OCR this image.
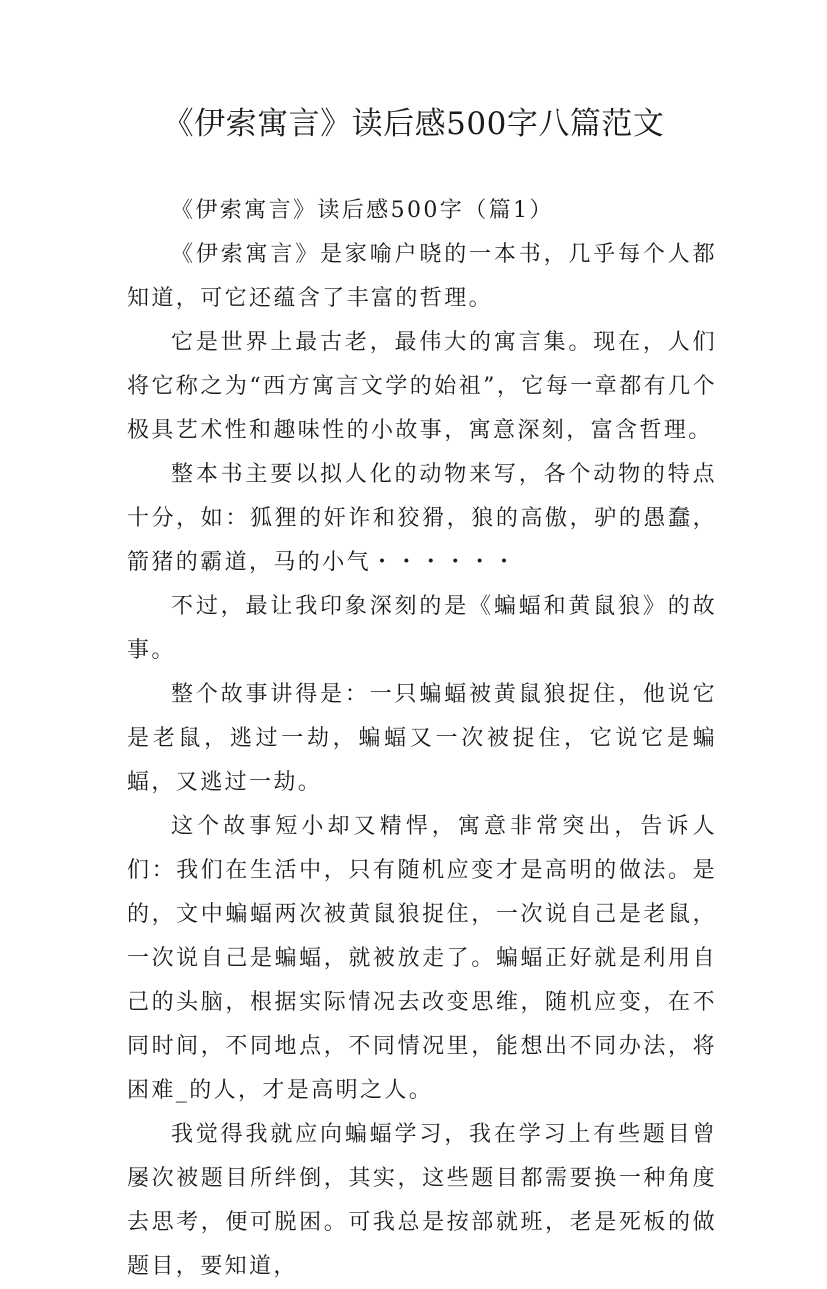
《伊索寓言》读后感500字八篇范文

《伊索寓言》读后感500字（篇1）

《伊索寓言》是家喻户晓的一本书，几乎每个人都知道，可它还蕴含了丰富的哲理。

它是世界上最古老，最伟大的寓言集。现在，人们将它称之为“西方寓言文学的始祖”，它每一章都有几个极具艺术性和趣味性的小故事，寓意深刻，富含哲理。

整本书主要以拟人化的动物来写，各个动物的特点十分，如：狐狸的奸诈和狡猾，狼的高傲，驴的愚蠢，箭猪的霸道，马的小气・・・・・・

不过，最让我印象深刻的是《蝙蝠和黄鼠狼》的故事。

整个故事讲得是：一只蝙蝠被黄鼠狼捉住，他说它是老鼠，逃过一劫，蝙蝠又一次被捉住，它说它是蝙蝠，又逃过一劫。

这个故事短小却又精悍，寓意非常突出，告诉人们：我们在生活中，只有随机应变才是高明的做法。是的，文中蝙蝠两次被黄鼠狼捉住，一次说自己是老鼠，一次说自己是蝙蝠，就被放走了。蝙蝠正好就是利用自己的头脑，根据实际情况去改变思维，随机应变，在不同时间，不同地点，不同情况里，能想出不同办法，将困难_的人，才是高明之人。

我觉得我就应向蝙蝠学习，我在学习上有些题目曾屡次被题目所绊倒，其实，这些题目都需要换一种角度去思考，便可脱困。可我总是按部就班，老是死板的做题目，要知道，
